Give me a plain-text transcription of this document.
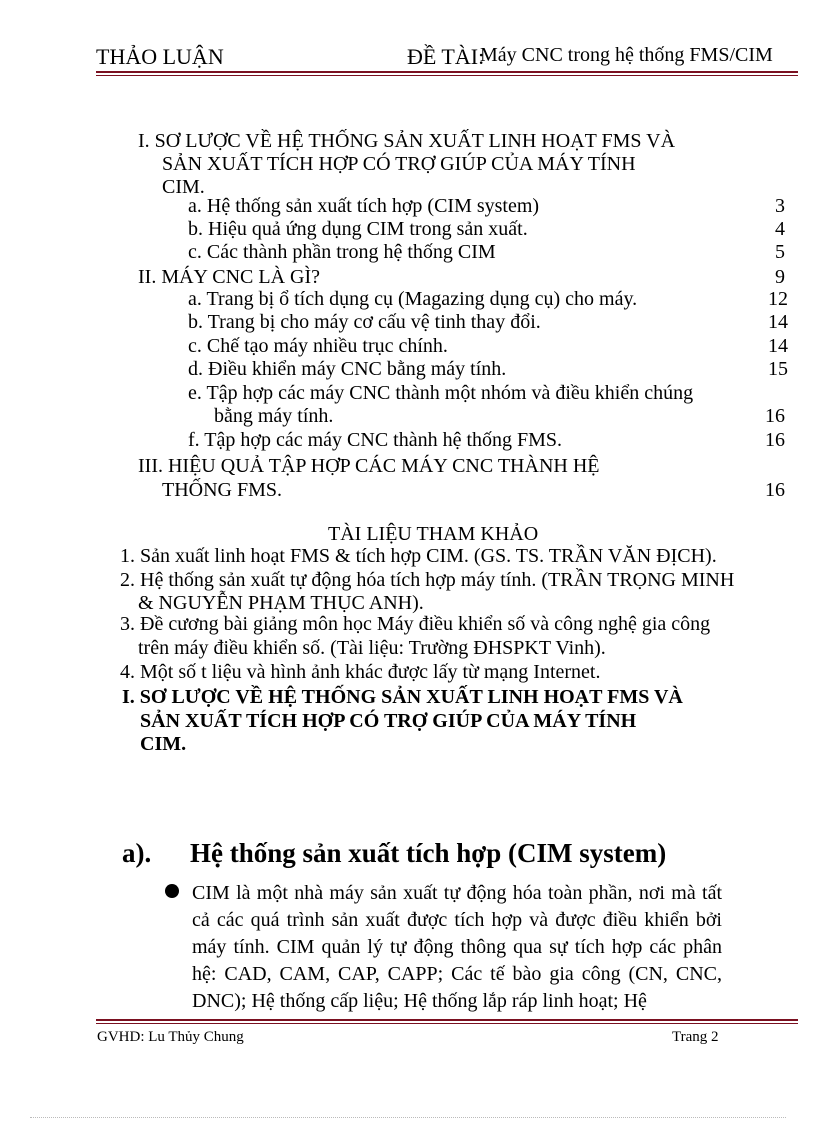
THẢO LUẬN	ĐỀ TÀI:
Máy CNC trong hệ thống FMS/CIM
I. SƠ LƯỢC VỀ HỆ THỐNG SẢN XUẤT LINH HOẠT FMS VÀ
SẢN XUẤT TÍCH HỢP CÓ TRỢ GIÚP CỦA MÁY TÍNH
CIM.
a. Hệ thống sản xuất tích hợp (CIM system)	3
b. Hiệu quả ứng dụng CIM trong sản xuất.	4
c. Các thành phần trong hệ thống CIM	5
II. MÁY CNC LÀ GÌ?	9
a. Trang bị ổ tích dụng cụ (Magazing dụng cụ) cho máy.	12
b. Trang bị cho máy cơ cấu vệ tinh thay đổi.	14
c. Chế tạo máy nhiều trục chính.	14
d. Điều khiển máy CNC bằng máy tính.	15
e. Tập hợp các máy CNC thành một nhóm và điều khiển chúng
bằng máy tính.	16
f. Tập hợp các máy CNC thành hệ thống FMS.	16
III. HIỆU QUẢ TẬP HỢP CÁC MÁY CNC THÀNH HỆ
THỐNG FMS.	16
TÀI LIỆU THAM KHẢO
1. Sản xuất linh hoạt FMS & tích hợp CIM. (GS. TS. TRẦN VĂN ĐỊCH).
2. Hệ thống sản xuất tự động hóa tích hợp máy tính. (TRẦN TRỌNG MINH
& NGUYỄN PHẠM THỤC ANH).
3. Đề cương bài giảng môn học Máy điều khiển số và công nghệ gia công
trên máy điều khiển số. (Tài liệu: Trường ĐHSPKT Vinh).
4. Một số t liệu và hình ảnh khác được lấy từ mạng Internet.
I. SƠ LƯỢC VỀ HỆ THỐNG SẢN XUẤT LINH HOẠT FMS VÀ
SẢN XUẤT TÍCH HỢP CÓ TRỢ GIÚP CỦA MÁY TÍNH
CIM.
a). Hệ thống sản xuất tích hợp (CIM system)
CIM là một nhà máy sản xuất tự động hóa toàn phần, nơi mà tất cả các quá trình sản xuất được tích hợp và được điều khiển bởi máy tính. CIM quản lý tự động thông qua sự tích hợp các phân hệ: CAD, CAM, CAP, CAPP; Các tế bào gia công (CN, CNC, DNC); Hệ thống cấp liệu; Hệ thống lắp ráp linh hoạt; Hệ
GVHD: Lu Thủy Chung	Trang 2
